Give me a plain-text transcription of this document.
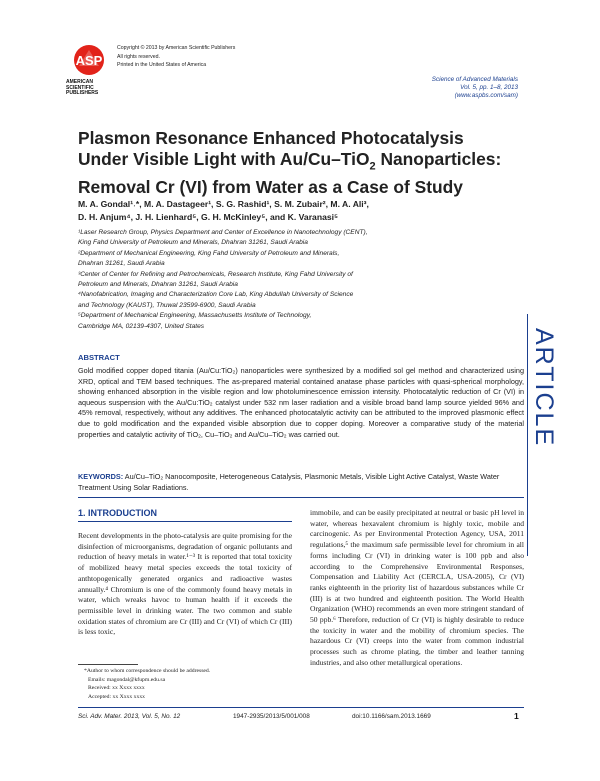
ASP
AMERICAN
SCIENTIFIC
PUBLISHERS
Copyright © 2013 by American Scientific Publishers
All rights reserved.
Printed in the United States of America
Science of Advanced Materials
Vol. 5, pp. 1–8, 2013
(www.aspbs.com/sam)
Plasmon Resonance Enhanced Photocatalysis
Under Visible Light with Au/Cu–TiO$_2$ Nanoparticles:
Removal Cr (VI) from Water as a Case of Study
M. A. Gondal¹˒*, M. A. Dastageer¹, S. G. Rashid¹, S. M. Zubair², M. A. Ali³,
D. H. Anjum⁴, J. H. Lienhard⁵, G. H. McKinley⁵, and K. Varanasi⁵
¹Laser Research Group, Physics Department and Center of Excellence in Nanotechnology (CENT),
King Fahd University of Petroleum and Minerals, Dhahran 31261, Saudi Arabia
²Department of Mechanical Engineering, King Fahd University of Petroleum and Minerals,
Dhahran 31261, Saudi Arabia
³Center of Center for Refining and Petrochemicals, Research Institute, King Fahd University of
Petroleum and Minerals, Dhahran 31261, Saudi Arabia
⁴Nanofabrication, Imaging and Characterization Core Lab, King Abdullah University of Science
and Technology (KAUST), Thuwal 23599-6900, Saudi Arabia
⁵Department of Mechanical Engineering, Massachusetts Institute of Technology,
Cambridge MA, 02139-4307, United States
ARTICLE
ABSTRACT
Gold modified copper doped titania (Au/Cu:TiO₂) nanoparticles were synthesized by a modified sol gel method and characterized using XRD, optical and TEM based techniques. The as-prepared material contained anatase phase particles with quasi-spherical morphology, showing enhanced absorption in the visible region and low photoluminescence emission intensity. Photocatalytic reduction of Cr (VI) in aqueous suspension with the Au/Cu:TiO₂ catalyst under 532 nm laser radiation and a visible broad band lamp source yielded 96% and 45% removal, respectively, without any additives. The enhanced photocatalytic activity can be attributed to the improved plasmonic effect due to gold modification and the expanded visible absorption due to copper doping. Moreover a comparative study of the material properties and catalytic activity of TiO₂, Cu–TiO₂ and Au/Cu–TiO₂ was carried out.
KEYWORDS: Au/Cu–TiO₂ Nanocomposite, Heterogeneous Catalysis, Plasmonic Metals, Visible Light Active Catalyst, Waste Water Treatment Using Solar Radiations.
1. INTRODUCTION
Recent developments in the photo-catalysis are quite promising for the disinfection of microorganisms, degradation of organic pollutants and reduction of heavy metals in water.¹⁻³ It is reported that total toxicity of mobilized heavy metal species exceeds the total toxicity of anthtopogenically generated organics and radioactive wastes annually.⁴ Chromium is one of the commonly found heavy metals in water, which wreaks havoc to human health if it exceeds the permissible level in drinking water. The two common and stable oxidation states of chromium are Cr (III) and Cr (VI) of which Cr (III) is less toxic,
immobile, and can be easily precipitated at neutral or basic pH level in water, whereas hexavalent chromium is highly toxic, mobile and carcinogenic. As per Environmental Protection Agency, USA, 2011 regulations,⁵ the maximum safe permissible level for chromium in all forms including Cr (VI) in drinking water is 100 ppb and also according to the Comprehensive Environmental Responses, Compensation and Liability Act (CERCLA, USA-2005), Cr (VI) ranks eighteenth in the priority list of hazardous substances while Cr (III) is at two hundred and eighteenth position. The World Health Organization (WHO) recommends an even more stringent standard of 50 ppb.⁶ Therefore, reduction of Cr (VI) is highly desirable to reduce the toxicity in water and the mobility of chromium species. The hazardous Cr (VI) creeps into the water from common industrial processes such as chrome plating, the timber and leather tanning industries, and also other metallurgical operations.
*Author to whom correspondence should be addressed.
Emails: magondal@kfupm.edu.sa
Received: xx Xxxx xxxx
Accepted: xx Xxxx xxxx
Sci. Adv. Mater. 2013, Vol. 5, No. 12	1947-2935/2013/5/001/008	doi:10.1166/sam.2013.1669	1
